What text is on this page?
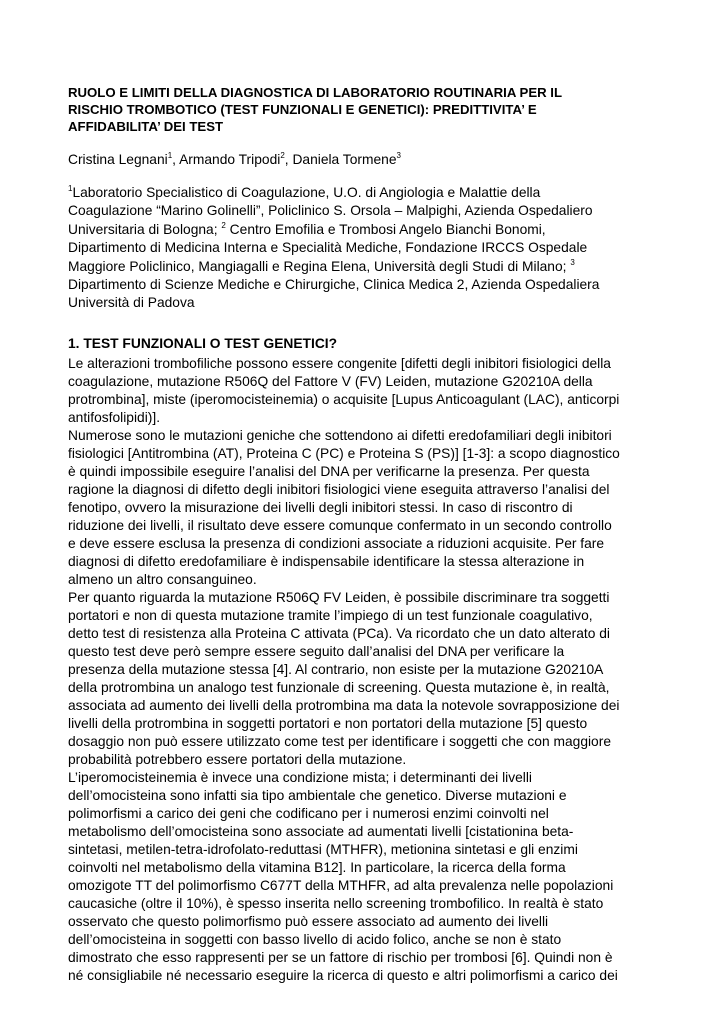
RUOLO E LIMITI DELLA DIAGNOSTICA DI LABORATORIO ROUTINARIA PER IL
RISCHIO TROMBOTICO (TEST FUNZIONALI E GENETICI): PREDITTIVITA’ E
AFFIDABILITA’ DEI TEST

Cristina Legnani$^1$, Armando Tripodi$^2$, Daniela Tormene$^3$

$^1$Laboratorio Specialistico di Coagulazione, U.O. di Angiologia e Malattie della
Coagulazione “Marino Golinelli”, Policlinico S. Orsola – Malpighi, Azienda Ospedaliero
Universitaria di Bologna; $^2$ Centro Emofilia e Trombosi Angelo Bianchi Bonomi,
Dipartimento di Medicina Interna e Specialità Mediche, Fondazione IRCCS Ospedale
Maggiore Policlinico, Mangiagalli e Regina Elena, Università degli Studi di Milano; $^3$
Dipartimento di Scienze Mediche e Chirurgiche, Clinica Medica 2, Azienda Ospedaliera
Università di Padova
1. TEST FUNZIONALI O TEST GENETICI?

Le alterazioni trombofiliche possono essere congenite [difetti degli inibitori fisiologici della
coagulazione, mutazione R506Q del Fattore V (FV) Leiden, mutazione G20210A della
protrombina], miste (iperomocisteinemia) o acquisite [Lupus Anticoagulant (LAC), anticorpi
antifosfolipidi)].

Numerose sono le mutazioni geniche che sottendono ai difetti eredofamiliari degli inibitori
fisiologici [Antitrombina (AT), Proteina C (PC) e Proteina S (PS)] [1-3]: a scopo diagnostico
è quindi impossibile eseguire l’analisi del DNA per verificarne la presenza. Per questa
ragione la diagnosi di difetto degli inibitori fisiologici viene eseguita attraverso l’analisi del
fenotipo, ovvero la misurazione dei livelli degli inibitori stessi. In caso di riscontro di
riduzione dei livelli, il risultato deve essere comunque confermato in un secondo controllo
e deve essere esclusa la presenza di condizioni associate a riduzioni acquisite. Per fare
diagnosi di difetto eredofamiliare è indispensabile identificare la stessa alterazione in
almeno un altro consanguineo.

Per quanto riguarda la mutazione R506Q FV Leiden, è possibile discriminare tra soggetti
portatori e non di questa mutazione tramite l’impiego di un test funzionale coagulativo,
detto test di resistenza alla Proteina C attivata (PCa). Va ricordato che un dato alterato di
questo test deve però sempre essere seguito dall’analisi del DNA per verificare la
presenza della mutazione stessa [4]. Al contrario, non esiste per la mutazione G20210A
della protrombina un analogo test funzionale di screening. Questa mutazione è, in realtà,
associata ad aumento dei livelli della protrombina ma data la notevole sovrapposizione dei
livelli della protrombina in soggetti portatori e non portatori della mutazione [5] questo
dosaggio non può essere utilizzato come test per identificare i soggetti che con maggiore
probabilità potrebbero essere portatori della mutazione.

L’iperomocisteinemia è invece una condizione mista; i determinanti dei livelli
dell’omocisteina sono infatti sia tipo ambientale che genetico. Diverse mutazioni e
polimorfismi a carico dei geni che codificano per i numerosi enzimi coinvolti nel
metabolismo dell’omocisteina sono associate ad aumentati livelli [cistationina beta-
sintetasi, metilen-tetra-idrofolato-reduttasi (MTHFR), metionina sintetasi e gli enzimi
coinvolti nel metabolismo della vitamina B12]. In particolare, la ricerca della forma
omozigote TT del polimorfismo C677T della MTHFR, ad alta prevalenza nelle popolazioni
caucasiche (oltre il 10%), è spesso inserita nello screening trombofilico. In realtà è stato
osservato che questo polimorfismo può essere associato ad aumento dei livelli
dell’omocisteina in soggetti con basso livello di acido folico, anche se non è stato
dimostrato che esso rappresenti per se un fattore di rischio per trombosi [6]. Quindi non è
né consigliabile né necessario eseguire la ricerca di questo e altri polimorfismi a carico dei
